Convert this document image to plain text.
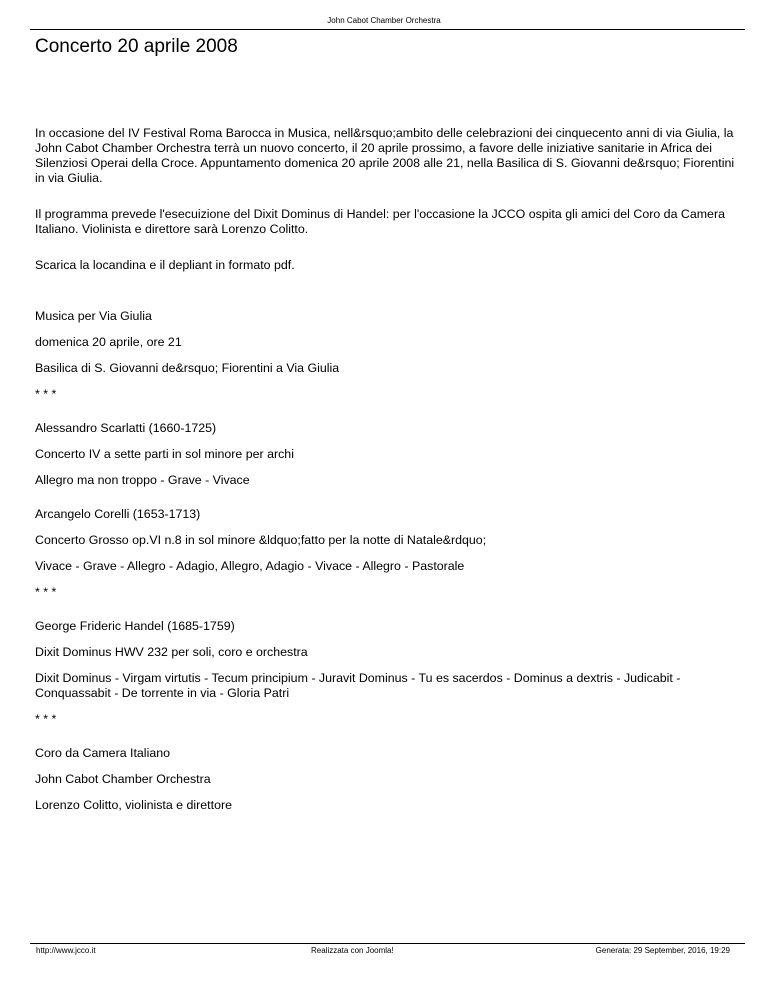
John Cabot Chamber Orchestra
Concerto 20 aprile 2008

In occasione del IV Festival Roma Barocca in Musica, nell&rsquo;ambito delle celebrazioni dei cinquecento anni di via Giulia, la John Cabot Chamber Orchestra terrà un nuovo concerto, il 20 aprile prossimo, a favore delle iniziative sanitarie in Africa dei Silenziosi Operai della Croce. Appuntamento domenica 20 aprile 2008 alle 21, nella Basilica di S. Giovanni de&rsquo; Fiorentini in via Giulia.

Il programma prevede l'esecuizione del Dixit Dominus di Handel: per l'occasione la JCCO ospita gli amici del Coro da Camera Italiano. Violinista e direttore sarà Lorenzo Colitto.

Scarica la locandina e il depliant in formato pdf.

Musica per Via Giulia

domenica 20 aprile, ore 21

Basilica di S. Giovanni de&rsquo; Fiorentini a Via Giulia

* * *

Alessandro Scarlatti (1660-1725)

Concerto IV a sette parti in sol minore per archi

Allegro ma non troppo - Grave - Vivace

Arcangelo Corelli (1653-1713)

Concerto Grosso op.VI n.8 in sol minore &ldquo;fatto per la notte di Natale&rdquo;

Vivace - Grave - Allegro - Adagio, Allegro, Adagio - Vivace - Allegro - Pastorale

* * *

George Frideric Handel (1685-1759)

Dixit Dominus HWV 232 per soli, coro e orchestra

Dixit Dominus - Virgam virtutis - Tecum principium - Juravit Dominus - Tu es sacerdos - Dominus a dextris - Judicabit - Conquassabit - De torrente in via - Gloria Patri

* * *

Coro da Camera Italiano

John Cabot Chamber Orchestra

Lorenzo Colitto, violinista e direttore

http://www.jcco.it	Realizzata con Joomla!	Generata: 29 September, 2016, 19:29
